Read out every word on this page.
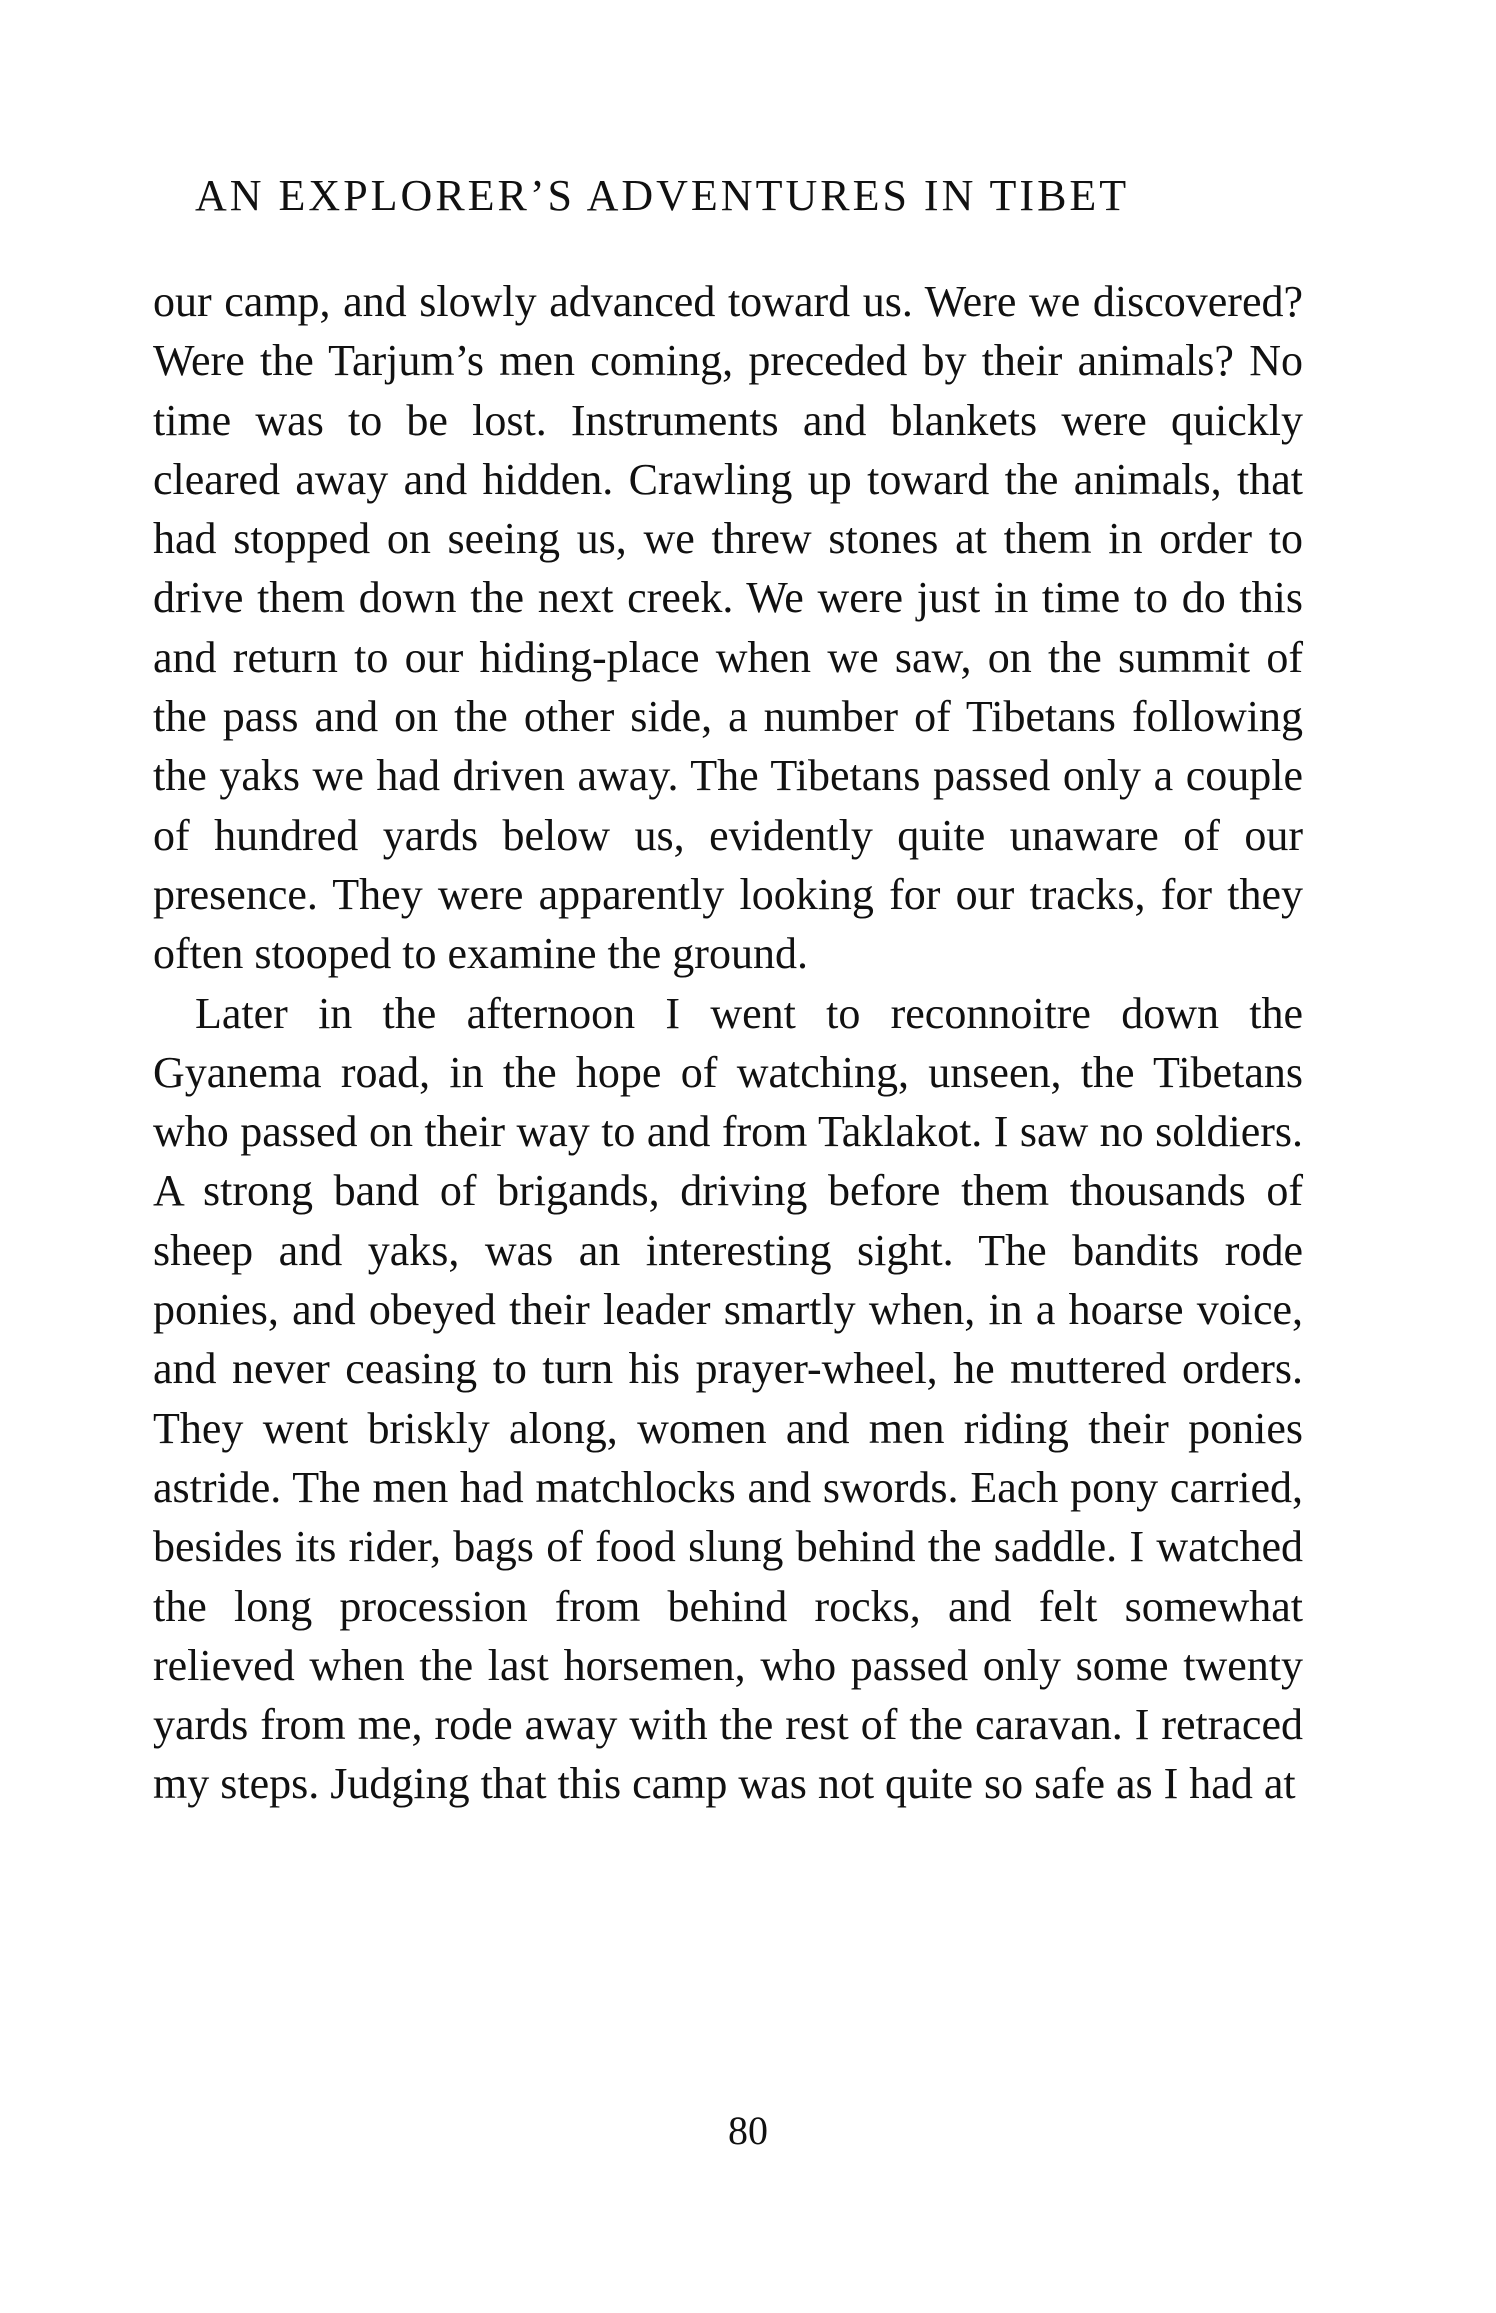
AN EXPLORER’S ADVENTURES IN TIBET

our camp, and slowly advanced toward us. Were we discovered? Were the Tarjum’s men coming, preceded by their animals? No time was to be lost. Instruments and blankets were quickly cleared away and hidden. Crawling up toward the animals, that had stopped on seeing us, we threw stones at them in order to drive them down the next creek. We were just in time to do this and return to our hiding-place when we saw, on the summit of the pass and on the other side, a number of Tibetans following the yaks we had driven away. The Tibetans passed only a couple of hundred yards below us, evidently quite unaware of our presence. They were apparently looking for our tracks, for they often stooped to examine the ground.

Later in the afternoon I went to reconnoitre down the Gyanema road, in the hope of watching, unseen, the Tibetans who passed on their way to and from Taklakot. I saw no soldiers. A strong band of brigands, driving before them thousands of sheep and yaks, was an interesting sight. The bandits rode ponies, and obeyed their leader smartly when, in a hoarse voice, and never ceasing to turn his prayer-wheel, he muttered orders. They went briskly along, women and men riding their ponies astride. The men had matchlocks and swords. Each pony carried, besides its rider, bags of food slung behind the saddle. I watched the long procession from behind rocks, and felt somewhat relieved when the last horsemen, who passed only some twenty yards from me, rode away with the rest of the caravan. I retraced my steps. Judging that this camp was not quite so safe as I had at

80
